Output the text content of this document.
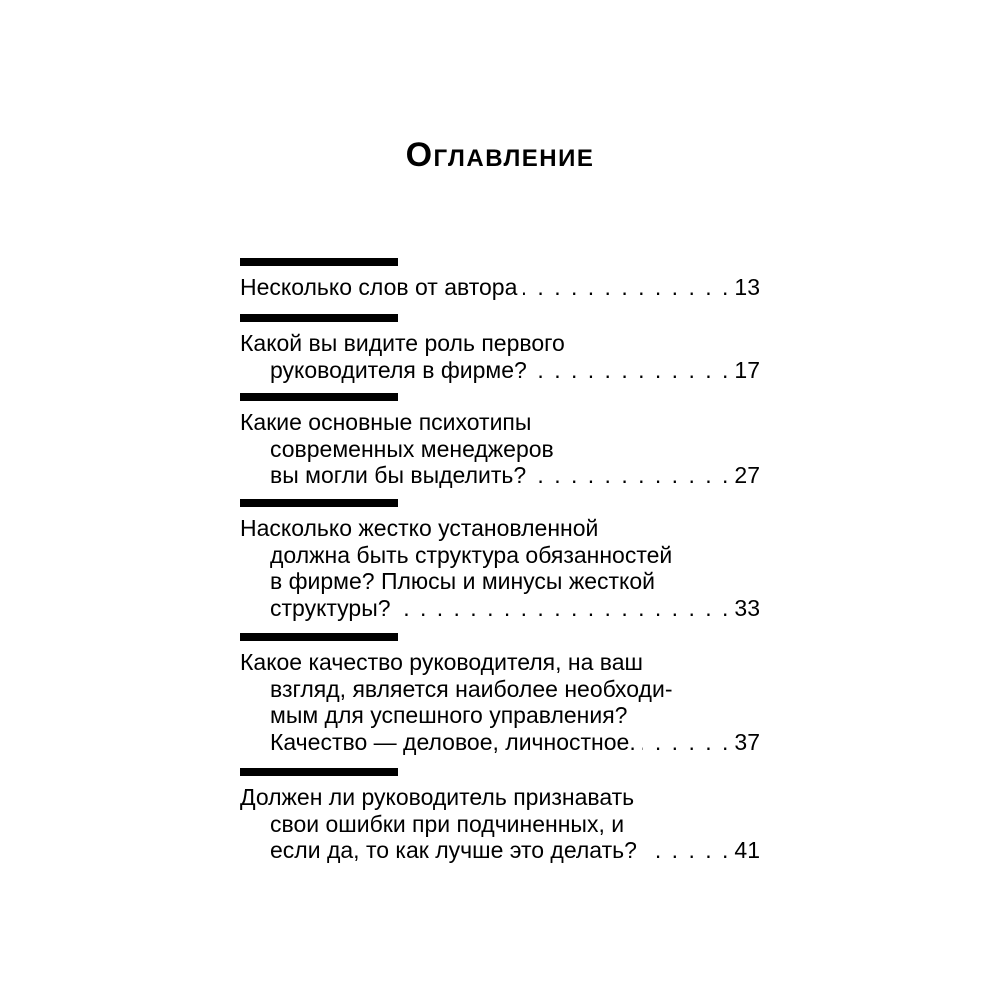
Оглавление
Несколько слов от автора . . .	13
Какой вы видите роль первого
руководителя в фирме? . . .	17
Какие основные психотипы
современных менеджеров
вы могли бы выделить? . . .	27
Насколько жестко установленной
должна быть структура обязанностей
в фирме? Плюсы и минусы жесткой
структуры? . . .	33
Какое качество руководителя, на ваш
взгляд, является наиболее необходи-
мым для успешного управления?
Качество — деловое, личностное. . . .	37
Должен ли руководитель признавать
свои ошибки при подчиненных, и
если да, то как лучше это делать? . . .	41
